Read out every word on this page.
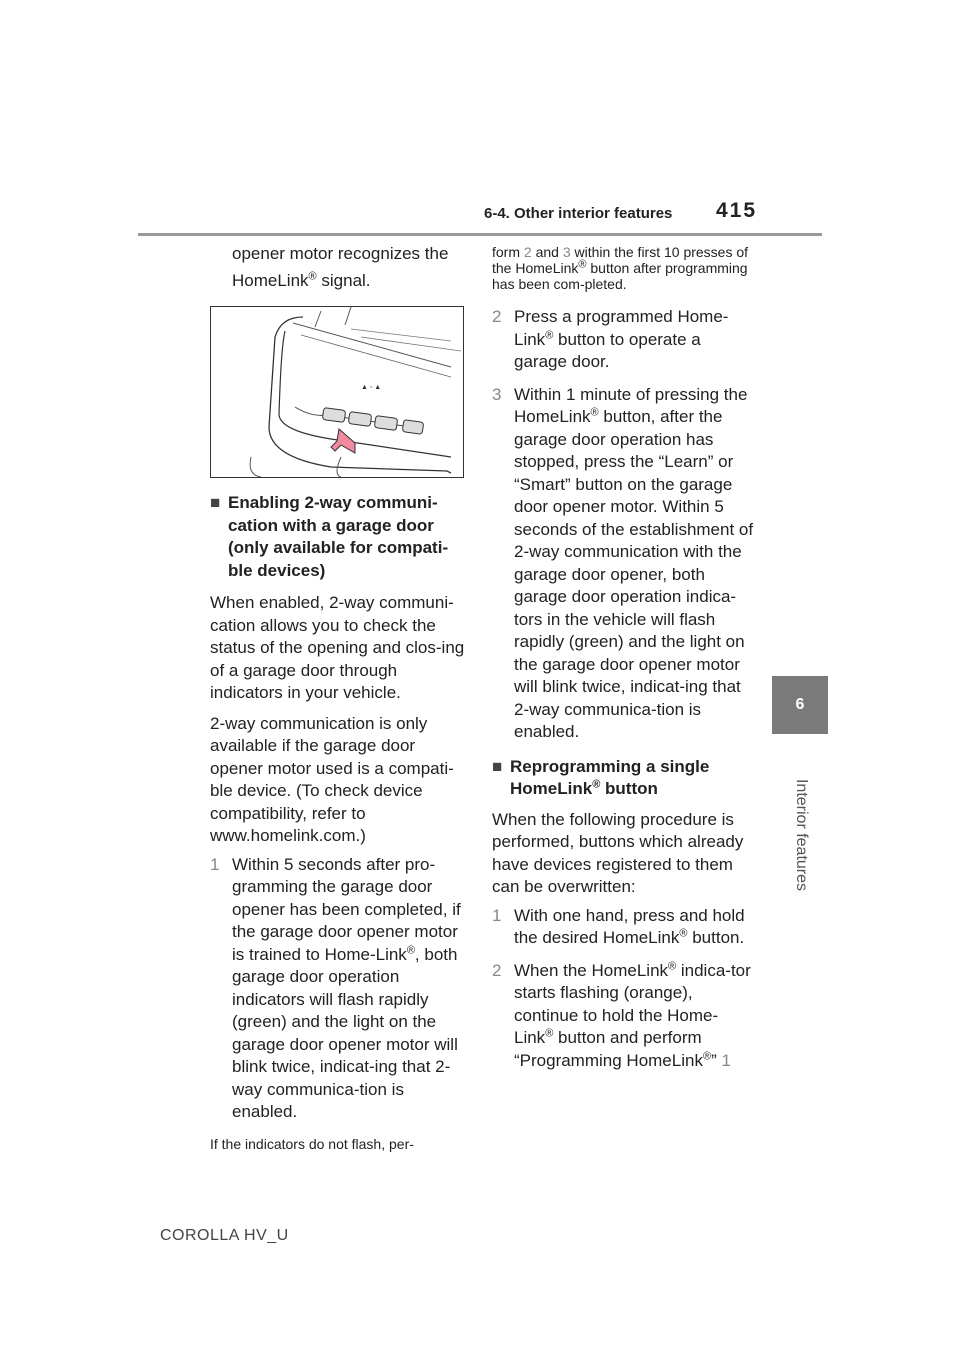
6-4. Other interior features	415
6
Interior features

opener motor recognizes the
HomeLink® signal.

▲ ◦ ▲
■ Enabling 2-way communi-cation with a garage door (only available for compati-ble devices)

When enabled, 2-way communi-cation allows you to check the status of the opening and clos-ing of a garage door through indicators in your vehicle.

2-way communication is only available if the garage door opener motor used is a compati-ble device. (To check device compatibility, refer to www.homelink.com.)

1 Within 5 seconds after pro-gramming the garage door opener has been completed, if the garage door opener motor is trained to Home-Link®, both garage door operation indicators will flash rapidly (green) and the light on the garage door opener motor will blink twice, indicat-ing that 2-way communica-tion is enabled.

If the indicators do not flash, per-

form 2 and 3 within the first 10 presses of the HomeLink® button after programming has been com-pleted.

2 Press a programmed Home-Link® button to operate a garage door.
3 Within 1 minute of pressing the HomeLink® button, after the garage door operation has stopped, press the “Learn” or “Smart” button on the garage door opener motor. Within 5 seconds of the establishment of 2-way communication with the garage door opener, both garage door operation indica-tors in the vehicle will flash rapidly (green) and the light on the garage door opener motor will blink twice, indicat-ing that 2-way communica-tion is enabled.
■ Reprogramming a single HomeLink® button

When the following procedure is performed, buttons which already have devices registered to them can be overwritten:

1 With one hand, press and hold the desired HomeLink® button.
2 When the HomeLink® indica-tor starts flashing (orange), continue to hold the Home-Link® button and perform “Programming HomeLink®” 1
COROLLA HV_U
